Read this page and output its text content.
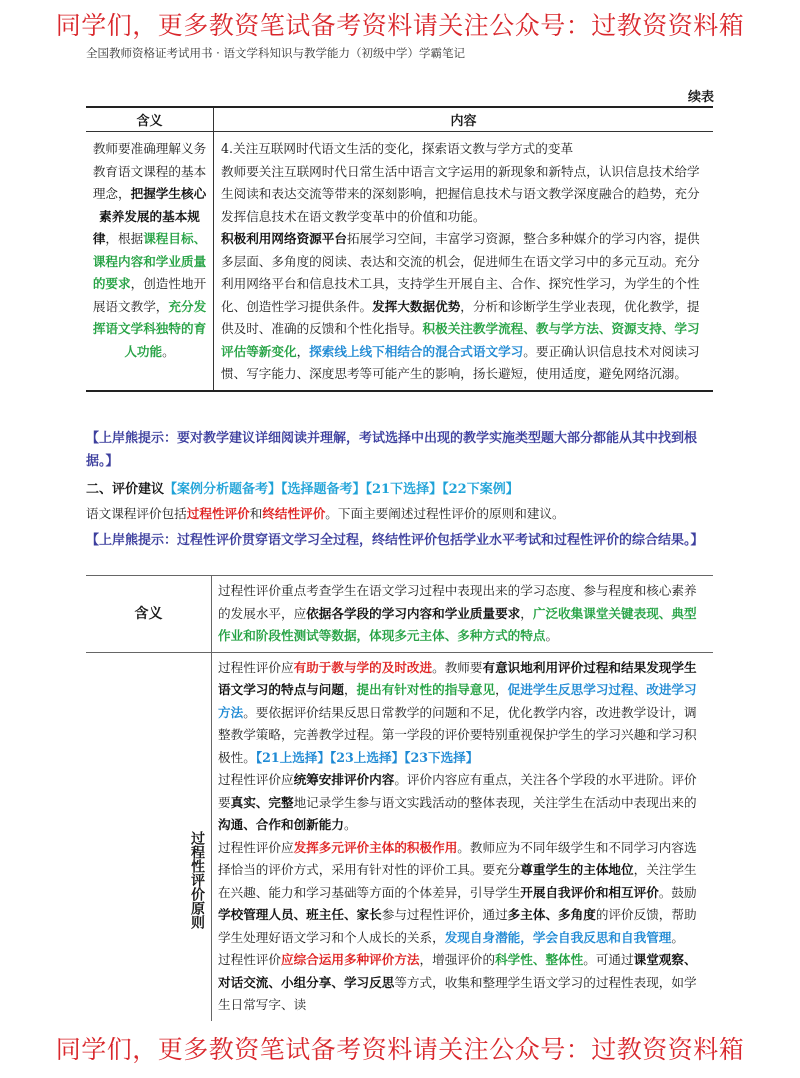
同学们，更多教资笔试备考资料请关注公众号：过教资资料箱
全国教师资格证考试用书 · 语文学科知识与教学能力（初级中学）学霸笔记
续表
含义	内容
教师要准确理解义务教育语文课程的基本理念，把握学生核心素养发展的基本规律，根据课程目标、课程内容和学业质量的要求，创造性地开展语文教学，充分发挥语文学科独特的育人功能。	4.关注互联网时代语文生活的变化，探索语文教与学方式的变革
教师要关注互联网时代日常生活中语言文字运用的新现象和新特点，认识信息技术给学生阅读和表达交流等带来的深刻影响，把握信息技术与语文教学深度融合的趋势，充分发挥信息技术在语文教学变革中的价值和功能。
积极利用网络资源平台拓展学习空间，丰富学习资源，整合多种媒介的学习内容，提供多层面、多角度的阅读、表达和交流的机会，促进师生在语文学习中的多元互动。充分利用网络平台和信息技术工具，支持学生开展自主、合作、探究性学习，为学生的个性化、创造性学习提供条件。发挥大数据优势，分析和诊断学生学业表现，优化教学，提供及时、准确的反馈和个性化指导。积极关注教学流程、教与学方法、资源支持、学习评估等新变化，探索线上线下相结合的混合式语文学习。要正确认识信息技术对阅读习惯、写字能力、深度思考等可能产生的影响，扬长避短，使用适度，避免网络沉溺。
【上岸熊提示：要对教学建议详细阅读并理解，考试选择中出现的教学实施类型题大部分都能从其中找到根据。】
二、评价建议【案例分析题备考】【选择题备考】【21下选择】【22下案例】
语文课程评价包括过程性评价和终结性评价。下面主要阐述过程性评价的原则和建议。
【上岸熊提示：过程性评价贯穿语文学习全过程，终结性评价包括学业水平考试和过程性评价的综合结果。】
含义	过程性评价重点考查学生在语文学习过程中表现出来的学习态度、参与程度和核心素养的发展水平，应依据各学段的学习内容和学业质量要求，广泛收集课堂关键表现、典型作业和阶段性测试等数据，体现多元主体、多种方式的特点。
过程性评价原则	过程性评价应有助于教与学的及时改进。教师要有意识地利用评价过程和结果发现学生语文学习的特点与问题，提出有针对性的指导意见，促进学生反思学习过程、改进学习方法。要依据评价结果反思日常教学的问题和不足，优化教学内容，改进教学设计，调整教学策略，完善教学过程。第一学段的评价要特别重视保护学生的学习兴趣和学习积极性。【21上选择】【23上选择】【23下选择】
过程性评价应统筹安排评价内容。评价内容应有重点，关注各个学段的水平进阶。评价要真实、完整地记录学生参与语文实践活动的整体表现，关注学生在活动中表现出来的沟通、合作和创新能力。
过程性评价应发挥多元评价主体的积极作用。教师应为不同年级学生和不同学习内容选择恰当的评价方式，采用有针对性的评价工具。要充分尊重学生的主体地位，关注学生在兴趣、能力和学习基础等方面的个体差异，引导学生开展自我评价和相互评价。鼓励学校管理人员、班主任、家长参与过程性评价，通过多主体、多角度的评价反馈，帮助学生处理好语文学习和个人成长的关系，发现自身潜能，学会自我反思和自我管理。
过程性评价应综合运用多种评价方法，增强评价的科学性、整体性。可通过课堂观察、对话交流、小组分享、学习反思等方式，收集和整理学生语文学习的过程性表现，如学生日常写字、读
同学们，更多教资笔试备考资料请关注公众号：过教资资料箱
